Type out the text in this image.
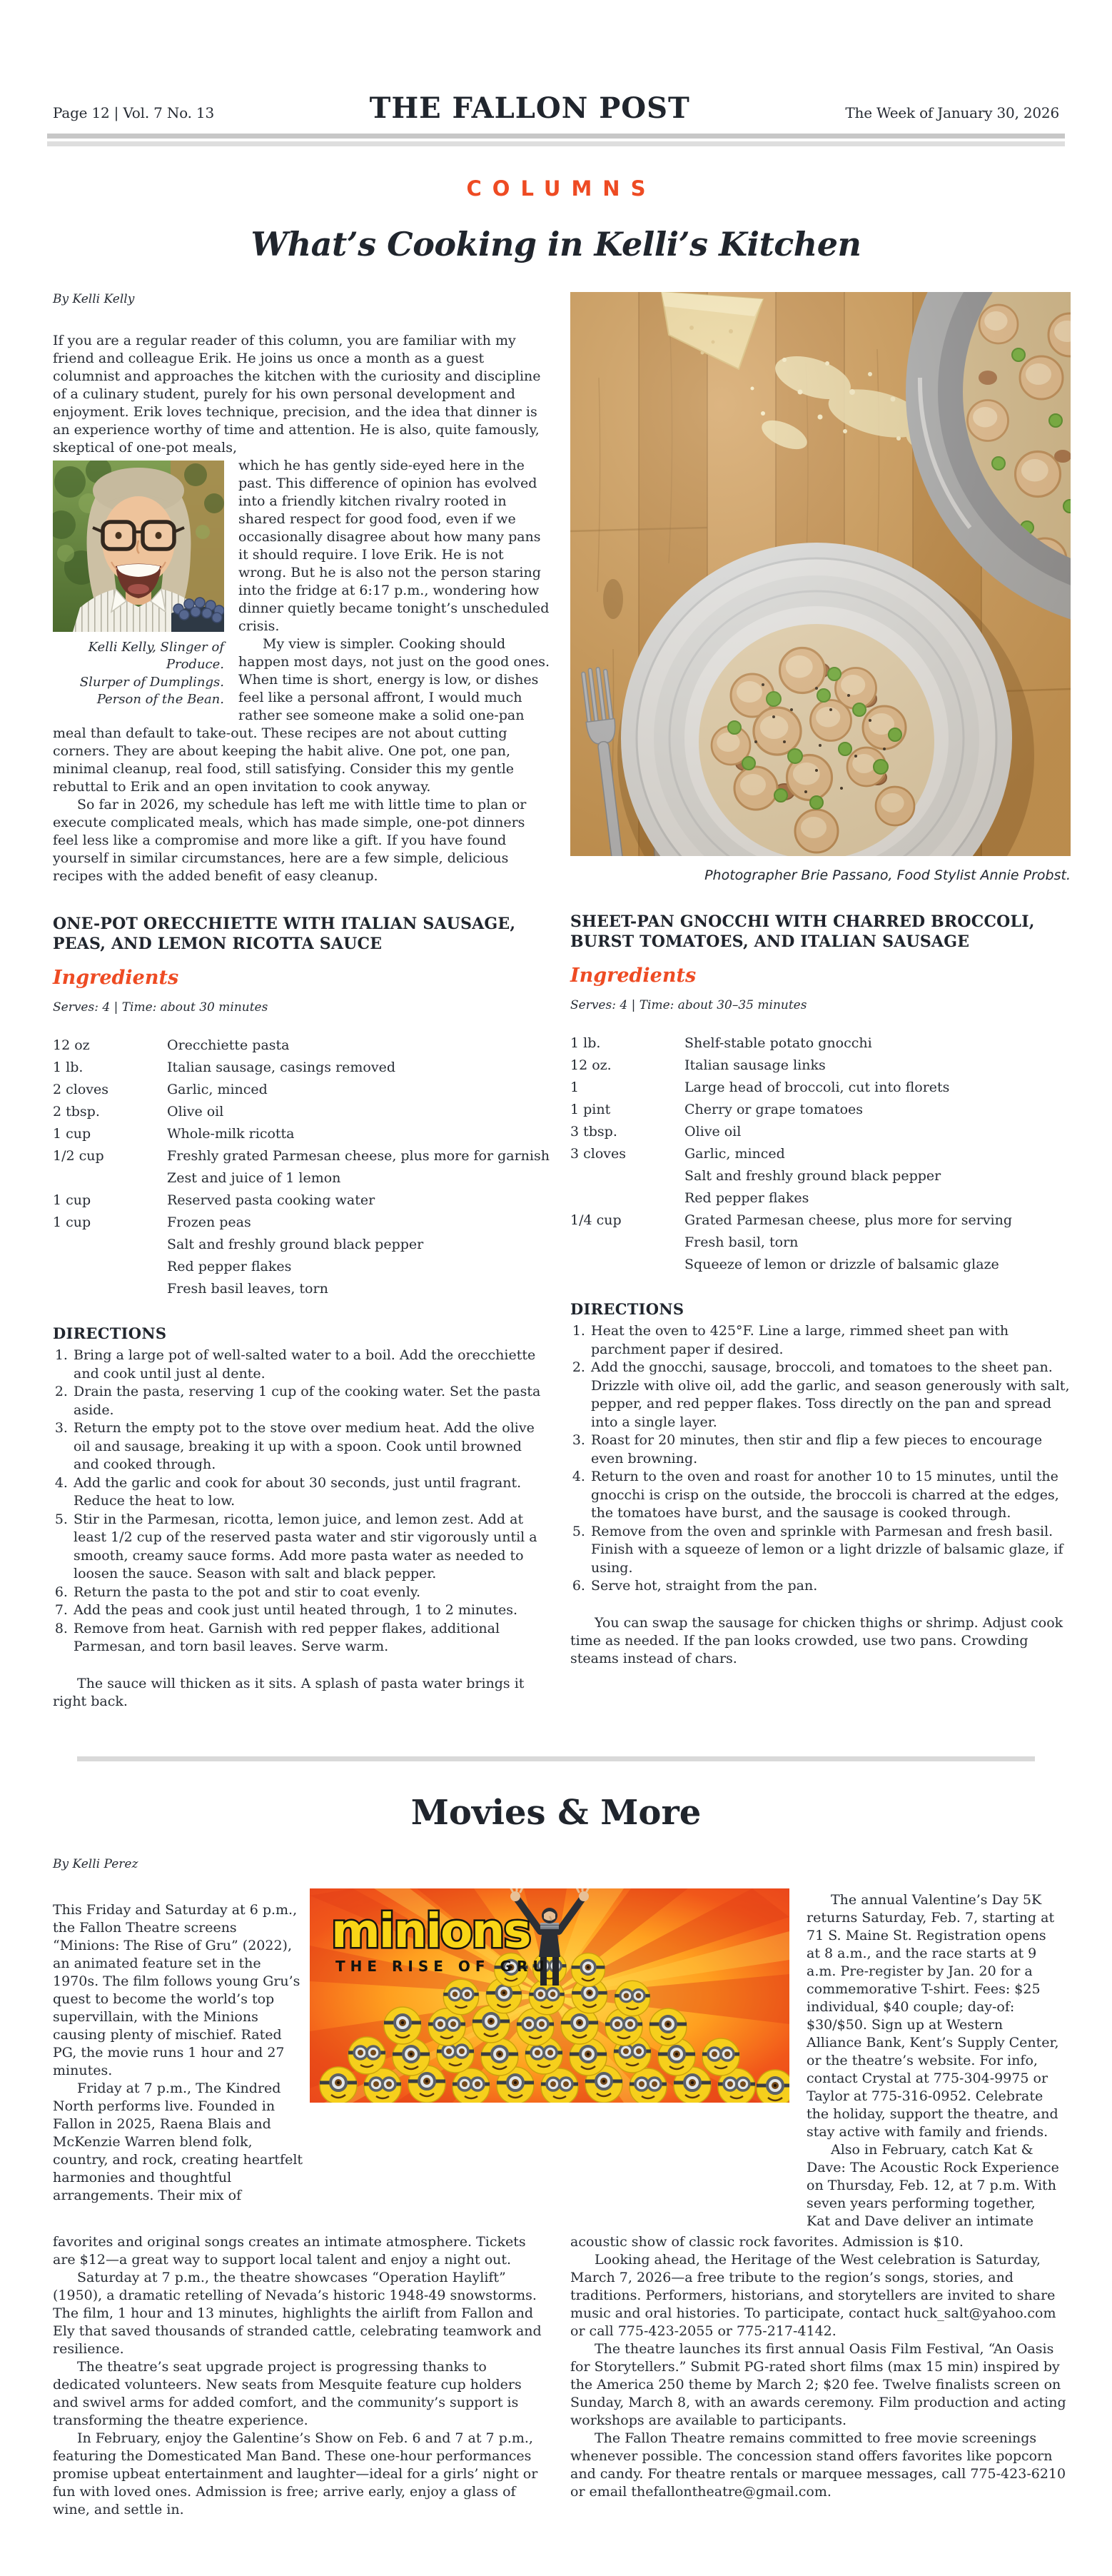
Page 12 | Vol. 7 No. 13	THE FALLON POST	The Week of January 30, 2026
COLUMNS
What’s Cooking in Kelli’s Kitchen
By Kelli Kelly

If you are a regular reader of this column, you are familiar with my friend and colleague Erik. He joins us once a month as a guest columnist and approaches the kitchen with the curiosity and discipline of a culinary student, purely for his own personal development and enjoyment. Erik loves technique, precision, and the idea that dinner is an experience worthy of time and attention. He is also, quite famously, skeptical of one-pot meals,

Kelli Kelly, Slinger of Produce.
Slurper of Dumplings.
Person of the Bean.

which he has gently side-eyed here in the past. This difference of opinion has evolved into a friendly kitchen rivalry rooted in shared respect for good food, even if we occasionally disagree about how many pans it should require. I love Erik. He is not wrong. But he is also not the person staring into the fridge at 6:17 p.m., wondering how dinner quietly became tonight’s unscheduled crisis.

My view is simpler. Cooking should happen most days, not just on the good ones. When time is short, energy is low, or dishes feel like a personal affront, I would much rather see someone make a solid one-pan meal than default to take-out. These recipes are not about cutting corners. They are about keeping the habit alive. One pot, one pan, minimal cleanup, real food, still satisfying. Consider this my gentle rebuttal to Erik and an open invitation to cook anyway.

So far in 2026, my schedule has left me with little time to plan or execute complicated meals, which has made simple, one-pot dinners feel less like a compromise and more like a gift. If you have found yourself in similar circumstances, here are a few simple, delicious recipes with the added benefit of easy cleanup.

ONE-POT ORECCHIETTE WITH ITALIAN SAUSAGE, PEAS, AND LEMON RICOTTA SAUCE
Ingredients
Serves: 4 | Time: about 30 minutes
12 oz	Orecchiette pasta
1 lb.	Italian sausage, casings removed
2 cloves	Garlic, minced
2 tbsp.	Olive oil
1 cup	Whole-milk ricotta
1/2 cup	Freshly grated Parmesan cheese, plus more for garnish
Zest and juice of 1 lemon
1 cup	Reserved pasta cooking water
1 cup	Frozen peas
Salt and freshly ground black pepper
Red pepper flakes
Fresh basil leaves, torn
DIRECTIONS
1. Bring a large pot of well-salted water to a boil. Add the orecchiette and cook until just al dente.
2. Drain the pasta, reserving 1 cup of the cooking water. Set the pasta aside.
3. Return the empty pot to the stove over medium heat. Add the olive oil and sausage, breaking it up with a spoon. Cook until browned and cooked through.
4. Add the garlic and cook for about 30 seconds, just until fragrant. Reduce the heat to low.
5. Stir in the Parmesan, ricotta, lemon juice, and lemon zest. Add at least 1/2 cup of the reserved pasta water and stir vigorously until a smooth, creamy sauce forms. Add more pasta water as needed to loosen the sauce. Season with salt and black pepper.
6. Return the pasta to the pot and stir to coat evenly.
7. Add the peas and cook just until heated through, 1 to 2 minutes.
8. Remove from heat. Garnish with red pepper flakes, additional Parmesan, and torn basil leaves. Serve warm.

The sauce will thicken as it sits. A splash of pasta water brings it right back.

Photographer Brie Passano, Food Stylist Annie Probst.
SHEET-PAN GNOCCHI WITH CHARRED BROCCOLI, BURST TOMATOES, AND ITALIAN SAUSAGE
Ingredients
Serves: 4 | Time: about 30–35 minutes
1 lb.	Shelf-stable potato gnocchi
12 oz.	Italian sausage links
1	Large head of broccoli, cut into florets
1 pint	Cherry or grape tomatoes
3 tbsp.	Olive oil
3 cloves	Garlic, minced
Salt and freshly ground black pepper
Red pepper flakes
1/4 cup	Grated Parmesan cheese, plus more for serving
Fresh basil, torn
Squeeze of lemon or drizzle of balsamic glaze
DIRECTIONS
1. Heat the oven to 425°F. Line a large, rimmed sheet pan with parchment paper if desired.
2. Add the gnocchi, sausage, broccoli, and tomatoes to the sheet pan. Drizzle with olive oil, add the garlic, and season generously with salt, pepper, and red pepper flakes. Toss directly on the pan and spread into a single layer.
3. Roast for 20 minutes, then stir and flip a few pieces to encourage even browning.
4. Return to the oven and roast for another 10 to 15 minutes, until the gnocchi is crisp on the outside, the broccoli is charred at the edges, the tomatoes have burst, and the sausage is cooked through.
5. Remove from the oven and sprinkle with Parmesan and fresh basil. Finish with a squeeze of lemon or a light drizzle of balsamic glaze, if using.
6. Serve hot, straight from the pan.

You can swap the sausage for chicken thighs or shrimp. Adjust cook time as needed. If the pan looks crowded, use two pans. Crowding steams instead of chars.

Movies & More
By Kelli Perez

This Friday and Saturday at 6 p.m., the Fallon Theatre screens “Minions: The Rise of Gru” (2022), an animated feature set in the 1970s. The film follows young Gru’s quest to become the world’s top supervillain, with the Minions causing plenty of mischief. Rated PG, the movie runs 1 hour and 27 minutes.

Friday at 7 p.m., The Kindred North performs live. Founded in Fallon in 2025, Raena Blais and McKenzie Warren blend folk, country, and rock, creating heartfelt harmonies and thoughtful arrangements. Their mix of

minions
THE RISE OF GRU

The annual Valentine’s Day 5K returns Saturday, Feb. 7, starting at 71 S. Maine St. Registration opens at 8 a.m., and the race starts at 9 a.m. Pre-register by Jan. 20 for a commemorative T-shirt. Fees: $25 individual, $40 couple; day-of: $30/$50. Sign up at Western Alliance Bank, Kent’s Supply Center, or the theatre’s website. For info, contact Crystal at 775-304-9975 or Taylor at 775-316-0952. Celebrate the holiday, support the theatre, and stay active with family and friends.

Also in February, catch Kat & Dave: The Acoustic Rock Experience on Thursday, Feb. 12, at 7 p.m. With seven years performing together, Kat and Dave deliver an intimate

favorites and original songs creates an intimate atmosphere. Tickets are $12—a great way to support local talent and enjoy a night out.

Saturday at 7 p.m., the theatre showcases “Operation Haylift” (1950), a dramatic retelling of Nevada’s historic 1948-49 snowstorms. The film, 1 hour and 13 minutes, highlights the airlift from Fallon and Ely that saved thousands of stranded cattle, celebrating teamwork and resilience.

The theatre’s seat upgrade project is progressing thanks to dedicated volunteers. New seats from Mesquite feature cup holders and swivel arms for added comfort, and the community’s support is transforming the theatre experience.

In February, enjoy the Galentine’s Show on Feb. 6 and 7 at 7 p.m., featuring the Domesticated Man Band. These one-hour performances promise upbeat entertainment and laughter—ideal for a girls’ night or fun with loved ones. Admission is free; arrive early, enjoy a glass of wine, and settle in.

acoustic show of classic rock favorites. Admission is $10.

Looking ahead, the Heritage of the West celebration is Saturday, March 7, 2026—a free tribute to the region’s songs, stories, and traditions. Performers, historians, and storytellers are invited to share music and oral histories. To participate, contact huck_salt@yahoo.com or call 775-423-2055 or 775-217-4142.

The theatre launches its first annual Oasis Film Festival, “An Oasis for Storytellers.” Submit PG-rated short films (max 15 min) inspired by the America 250 theme by March 2; $20 fee. Twelve finalists screen on Sunday, March 8, with an awards ceremony. Film production and acting workshops are available to participants.

The Fallon Theatre remains committed to free movie screenings whenever possible. The concession stand offers favorites like popcorn and candy. For theatre rentals or marquee messages, call 775-423-6210 or email thefallontheatre@gmail.com.
